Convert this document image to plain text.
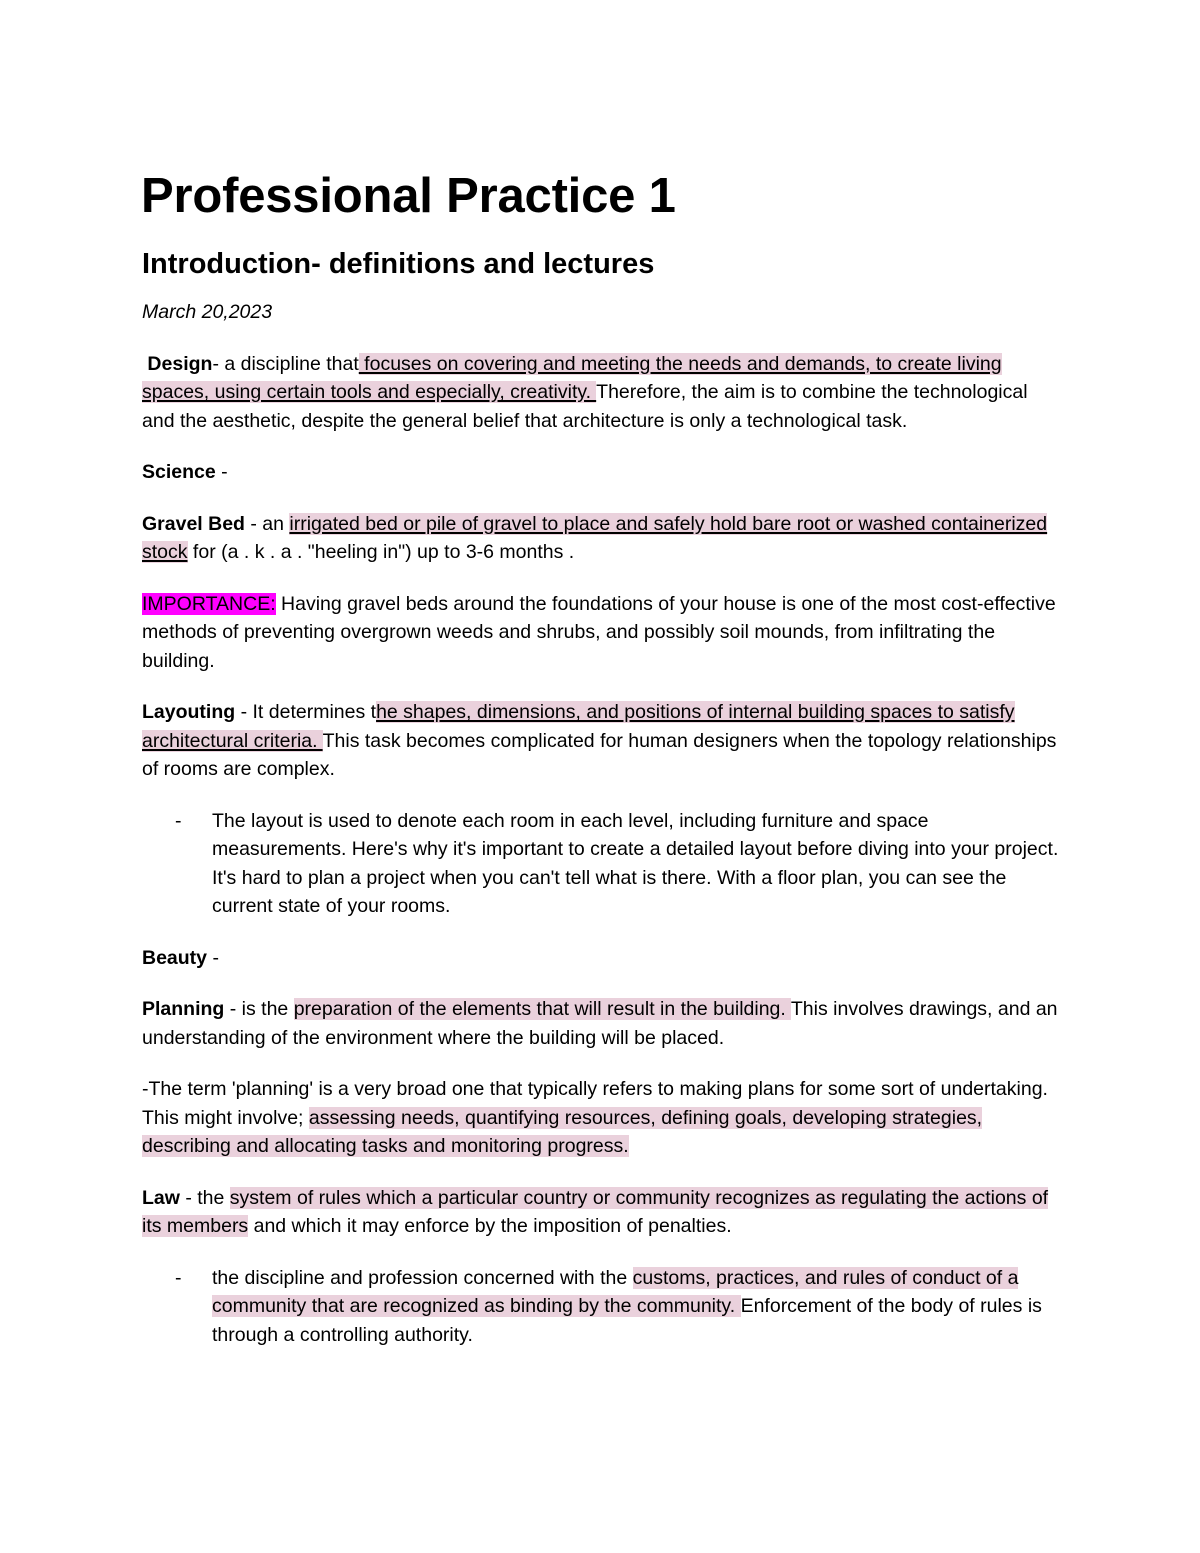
Professional Practice 1
Introduction- definitions and lectures
March 20,2023

Design- a discipline that focuses on covering and meeting the needs and demands, to create living spaces, using certain tools and especially, creativity. Therefore, the aim is to combine the technological and the aesthetic, despite the general belief that architecture is only a technological task.

Science -

Gravel Bed - an irrigated bed or pile of gravel to place and safely hold bare root or washed containerized stock for (a . k . a . "heeling in") up to 3-6 months .

IMPORTANCE: Having gravel beds around the foundations of your house is one of the most cost-effective methods of preventing overgrown weeds and shrubs, and possibly soil mounds, from infiltrating the building.

Layouting - It determines the shapes, dimensions, and positions of internal building spaces to satisfy architectural criteria. This task becomes complicated for human designers when the topology relationships of rooms are complex.

- The layout is used to denote each room in each level, including furniture and space measurements. Here's why it's important to create a detailed layout before diving into your project. It's hard to plan a project when you can't tell what is there. With a floor plan, you can see the current state of your rooms.

Beauty -

Planning - is the preparation of the elements that will result in the building. This involves drawings, and an understanding of the environment where the building will be placed.

-The term 'planning' is a very broad one that typically refers to making plans for some sort of undertaking. This might involve; assessing needs, quantifying resources, defining goals, developing strategies, describing and allocating tasks and monitoring progress.

Law - the system of rules which a particular country or community recognizes as regulating the actions of its members and which it may enforce by the imposition of penalties.

- the discipline and profession concerned with the customs, practices, and rules of conduct of a community that are recognized as binding by the community. Enforcement of the body of rules is through a controlling authority.
